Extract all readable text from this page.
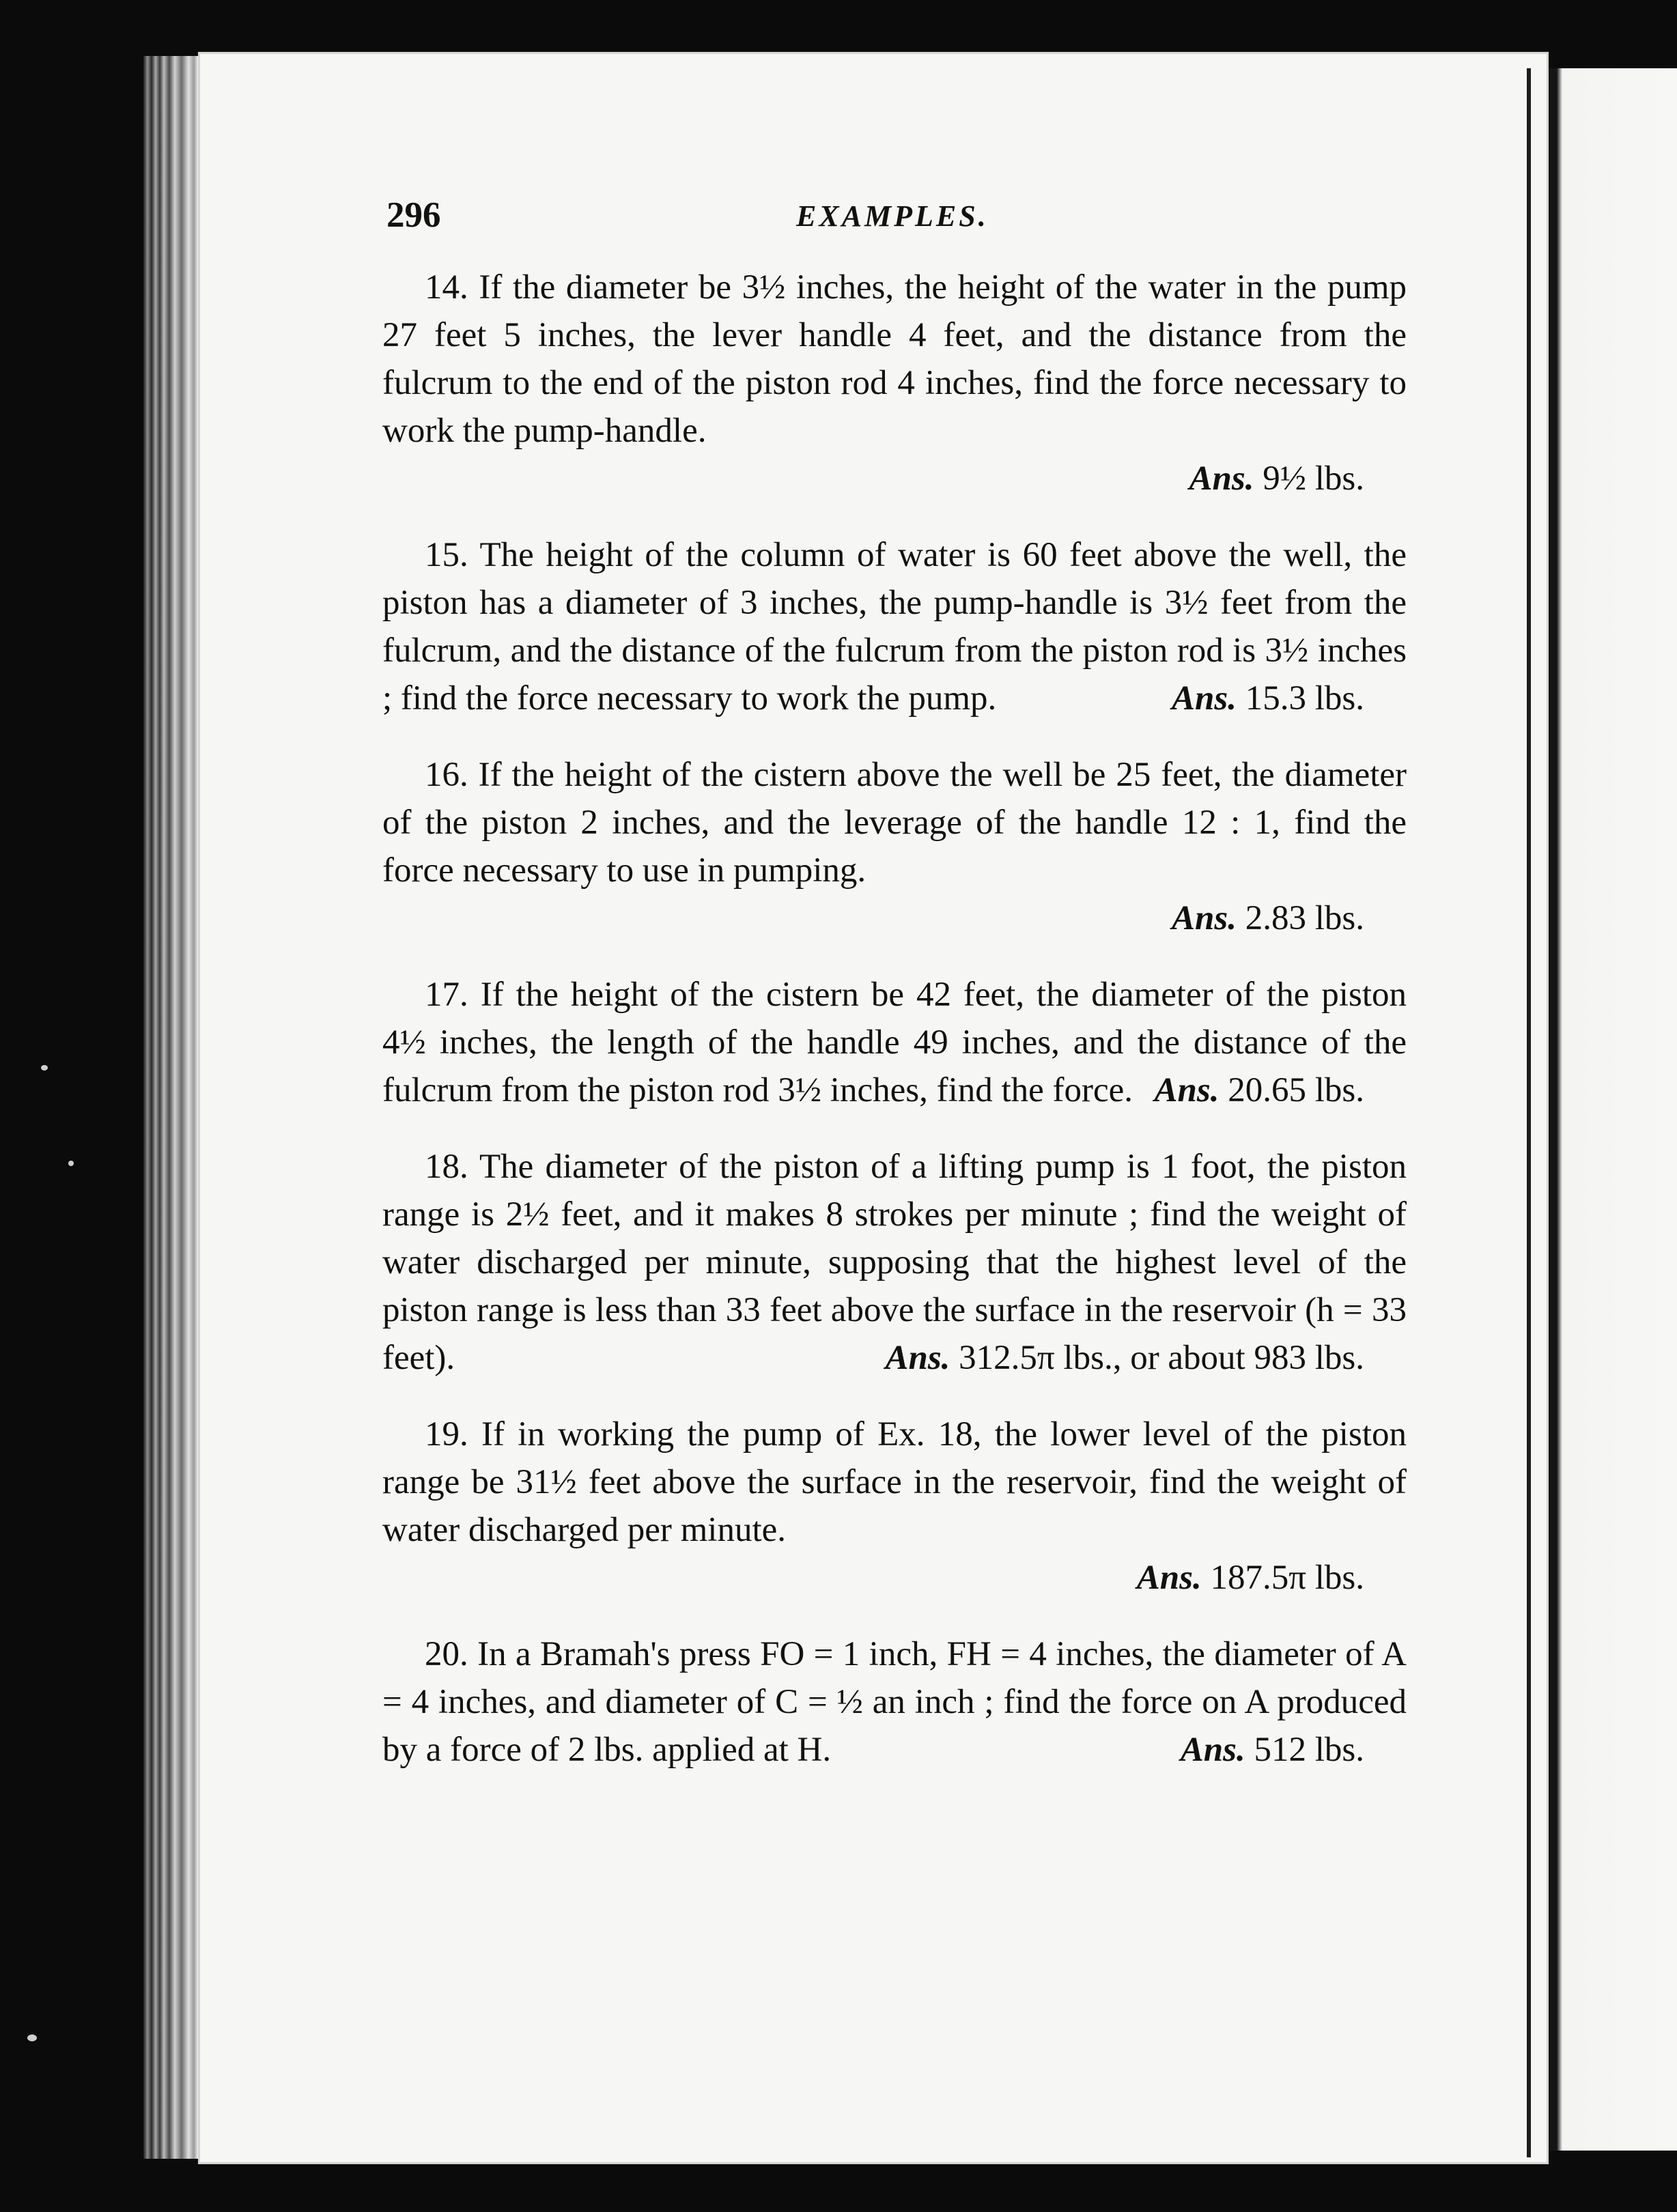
296	EXAMPLES.

14. If the diameter be 3½ inches, the height of the water in the pump 27 feet 5 inches, the lever handle 4 feet, and the distance from the fulcrum to the end of the piston rod 4 inches, find the force necessary to work the pump-handle.

Ans. 9½ lbs.

15. The height of the column of water is 60 feet above the well, the piston has a diameter of 3 inches, the pump-handle is 3½ feet from the fulcrum, and the distance of the fulcrum from the piston rod is 3½ inches ; find the force necessary to work the pump.	Ans. 15.3 lbs.

16. If the height of the cistern above the well be 25 feet, the diameter of the piston 2 inches, and the leverage of the handle 12 : 1, find the force necessary to use in pumping.

Ans. 2.83 lbs.

17. If the height of the cistern be 42 feet, the diameter of the piston 4½ inches, the length of the handle 49 inches, and the distance of the fulcrum from the piston rod 3½ inches, find the force. Ans. 20.65 lbs.

18. The diameter of the piston of a lifting pump is 1 foot, the piston range is 2½ feet, and it makes 8 strokes per minute ; find the weight of water discharged per minute, supposing that the highest level of the piston range is less than 33 feet above the surface in the reservoir (h = 33 feet).	Ans. 312.5π lbs., or about 983 lbs.

19. If in working the pump of Ex. 18, the lower level of the piston range be 31½ feet above the surface in the reservoir, find the weight of water discharged per minute.

Ans. 187.5π lbs.

20. In a Bramah's press FO = 1 inch, FH = 4 inches, the diameter of A = 4 inches, and diameter of C = ½ an inch ; find the force on A produced by a force of 2 lbs. applied at H.	Ans. 512 lbs.
